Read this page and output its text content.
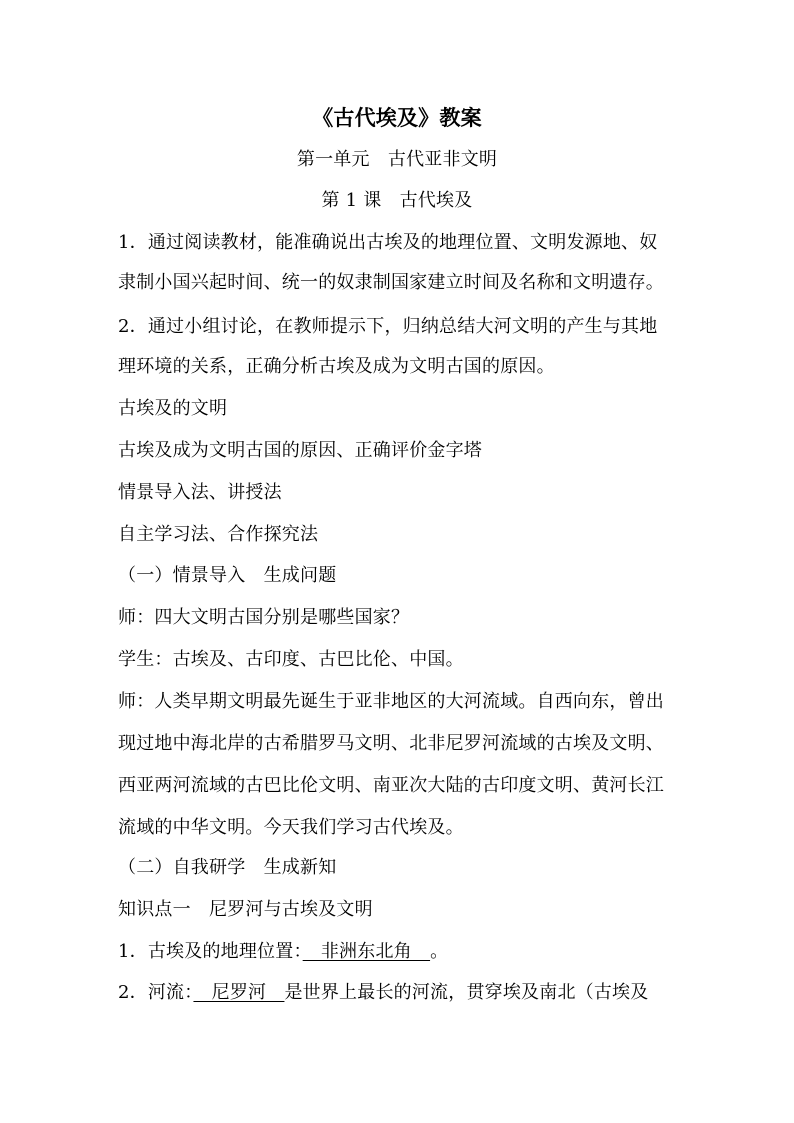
《古代埃及》教案
第一单元　古代亚非文明
第 1 课　古代埃及
1．通过阅读教材，能准确说出古埃及的地理位置、文明发源地、奴
隶制小国兴起时间、统一的奴隶制国家建立时间及名称和文明遗存。
2．通过小组讨论，在教师提示下，归纳总结大河文明的产生与其地
理环境的关系，正确分析古埃及成为文明古国的原因。
古埃及的文明
古埃及成为文明古国的原因、正确评价金字塔
情景导入法、讲授法
自主学习法、合作探究法
（一）情景导入　生成问题
师：四大文明古国分别是哪些国家？
学生：古埃及、古印度、古巴比伦、中国。
师：人类早期文明最先诞生于亚非地区的大河流域。自西向东，曾出
现过地中海北岸的古希腊罗马文明、北非尼罗河流域的古埃及文明、
西亚两河流域的古巴比伦文明、南亚次大陆的古印度文明、黄河长江
流域的中华文明。今天我们学习古代埃及。
（二）自我研学　生成新知
知识点一　尼罗河与古埃及文明
1．古埃及的地理位置：　非洲东北角　。
2．河流：　尼罗河　是世界上最长的河流，贯穿埃及南北（古埃及
